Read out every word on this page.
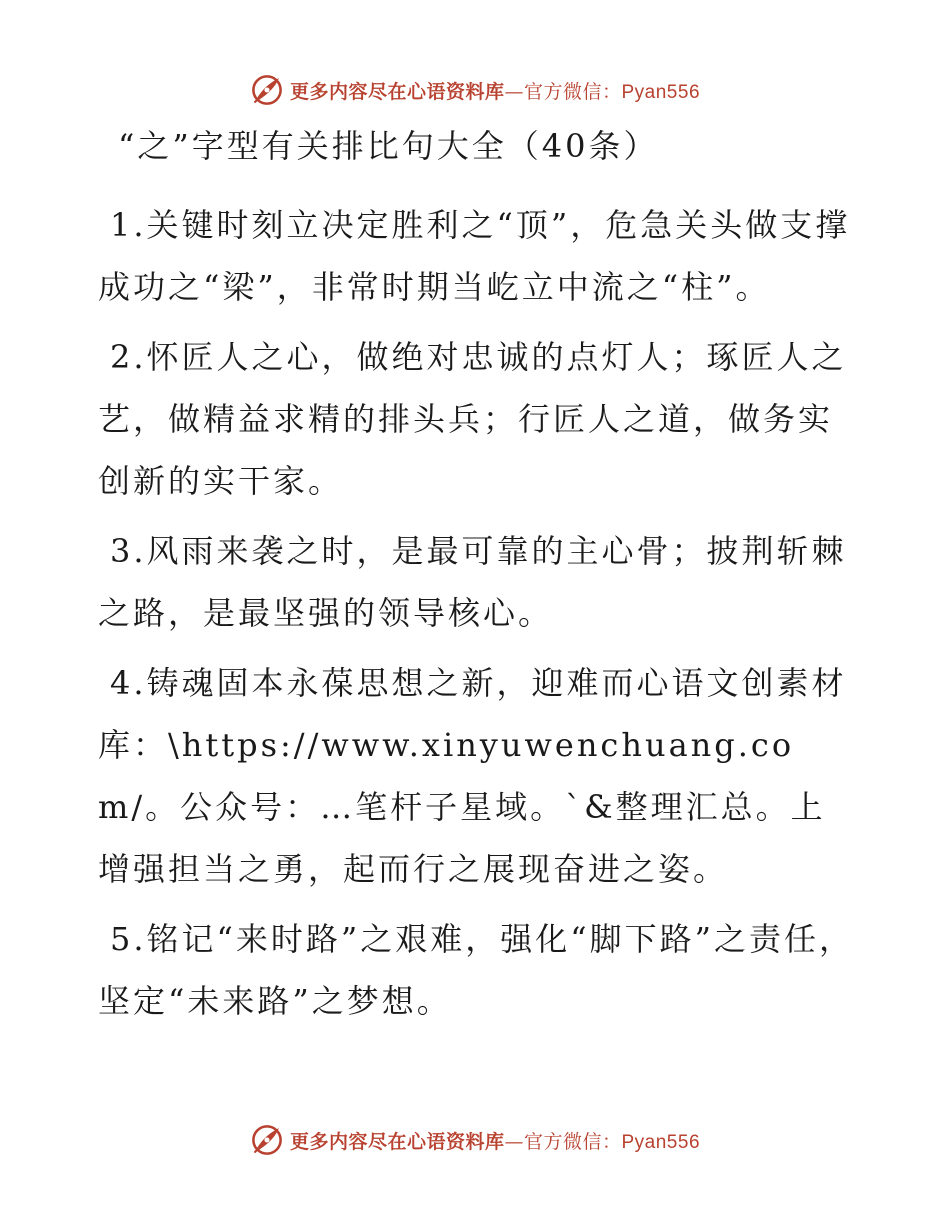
更多内容尽在心语资料库—官方微信：Pyan556
“之”字型有关排比句大全（40条）

1.关键时刻立决定胜利之“顶”，危急关头做支撑成功之“梁”，非常时期当屹立中流之“柱”。

2.怀匠人之心，做绝对忠诚的点灯人；琢匠人之艺，做精益求精的排头兵；行匠人之道，做务实创新的实干家。

3.风雨来袭之时，是最可靠的主心骨；披荆斩棘之路，是最坚强的领导核心。

4.铸魂固本永葆思想之新，迎难而心语文创素材库：\https://www.xinyuwenchuang.com/。公众号：…笔杆子星域。`&整理汇总。上增强担当之勇，起而行之展现奋进之姿。

5.铭记“来时路”之艰难，强化“脚下路”之责任，坚定“未来路”之梦想。

更多内容尽在心语资料库—官方微信：Pyan556
